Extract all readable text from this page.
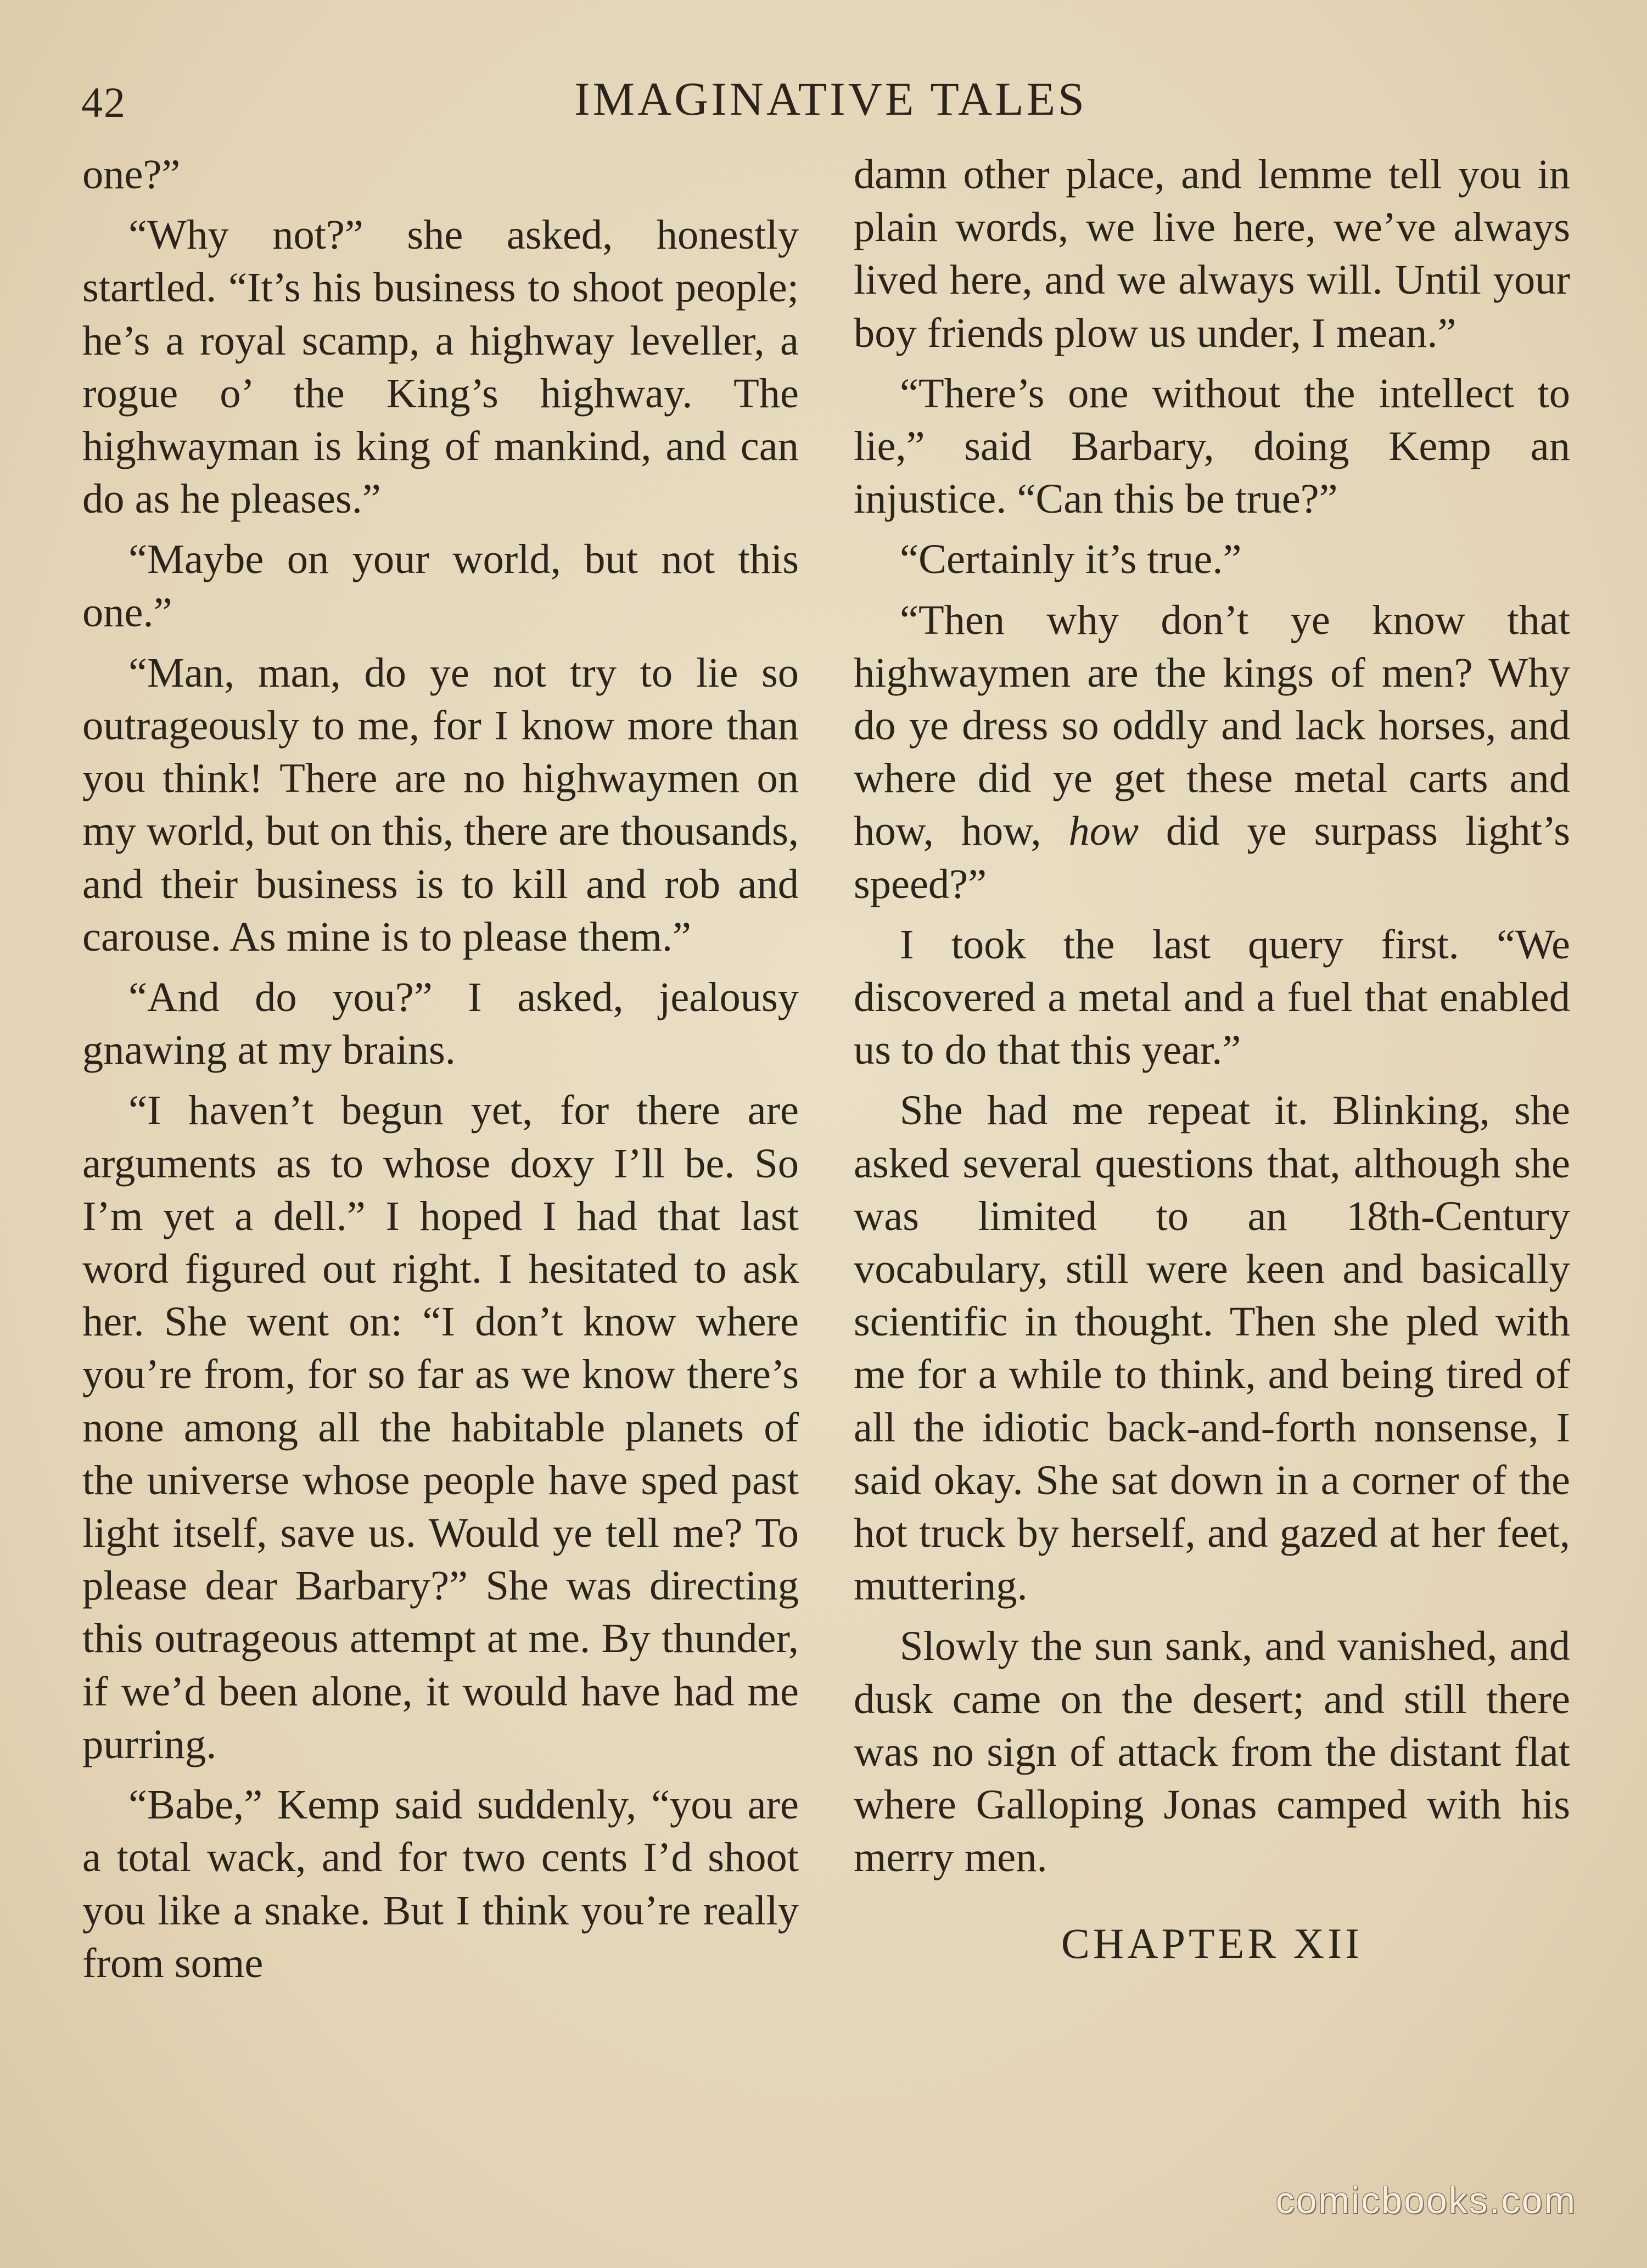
42	IMAGINATIVE TALES

one?”

“Why not?” she asked, honestly startled. “It’s his business to shoot people; he’s a royal scamp, a highway leveller, a rogue o’ the King’s highway. The highwayman is king of mankind, and can do as he pleases.”

“Maybe on your world, but not this one.”

“Man, man, do ye not try to lie so outrageously to me, for I know more than you think! There are no highwaymen on my world, but on this, there are thousands, and their business is to kill and rob and carouse. As mine is to please them.”

“And do you?” I asked, jealousy gnawing at my brains.

“I haven’t begun yet, for there are arguments as to whose doxy I’ll be. So I’m yet a dell.” I hoped I had that last word figured out right. I hesitated to ask her. She went on: “I don’t know where you’re from, for so far as we know there’s none among all the habitable planets of the universe whose people have sped past light itself, save us. Would ye tell me? To please dear Barbary?” She was directing this outrageous attempt at me. By thunder, if we’d been alone, it would have had me purring.

“Babe,” Kemp said suddenly, “you are a total wack, and for two cents I’d shoot you like a snake. But I think you’re really from some

damn other place, and lemme tell you in plain words, we live here, we’ve always lived here, and we always will. Until your boy friends plow us under, I mean.”

“There’s one without the intellect to lie,” said Barbary, doing Kemp an injustice. “Can this be true?”

“Certainly it’s true.”

“Then why don’t ye know that highwaymen are the kings of men? Why do ye dress so oddly and lack horses, and where did ye get these metal carts and how, how, how did ye surpass light’s speed?”

I took the last query first. “We discovered a metal and a fuel that enabled us to do that this year.”

She had me repeat it. Blinking, she asked several questions that, although she was limited to an 18th-Century vocabulary, still were keen and basically scientific in thought. Then she pled with me for a while to think, and being tired of all the idiotic back-and-forth nonsense, I said okay. She sat down in a corner of the hot truck by herself, and gazed at her feet, muttering.

Slowly the sun sank, and vanished, and dusk came on the desert; and still there was no sign of attack from the distant flat where Galloping Jonas camped with his merry men.

CHAPTER XII
comicbooks.com
